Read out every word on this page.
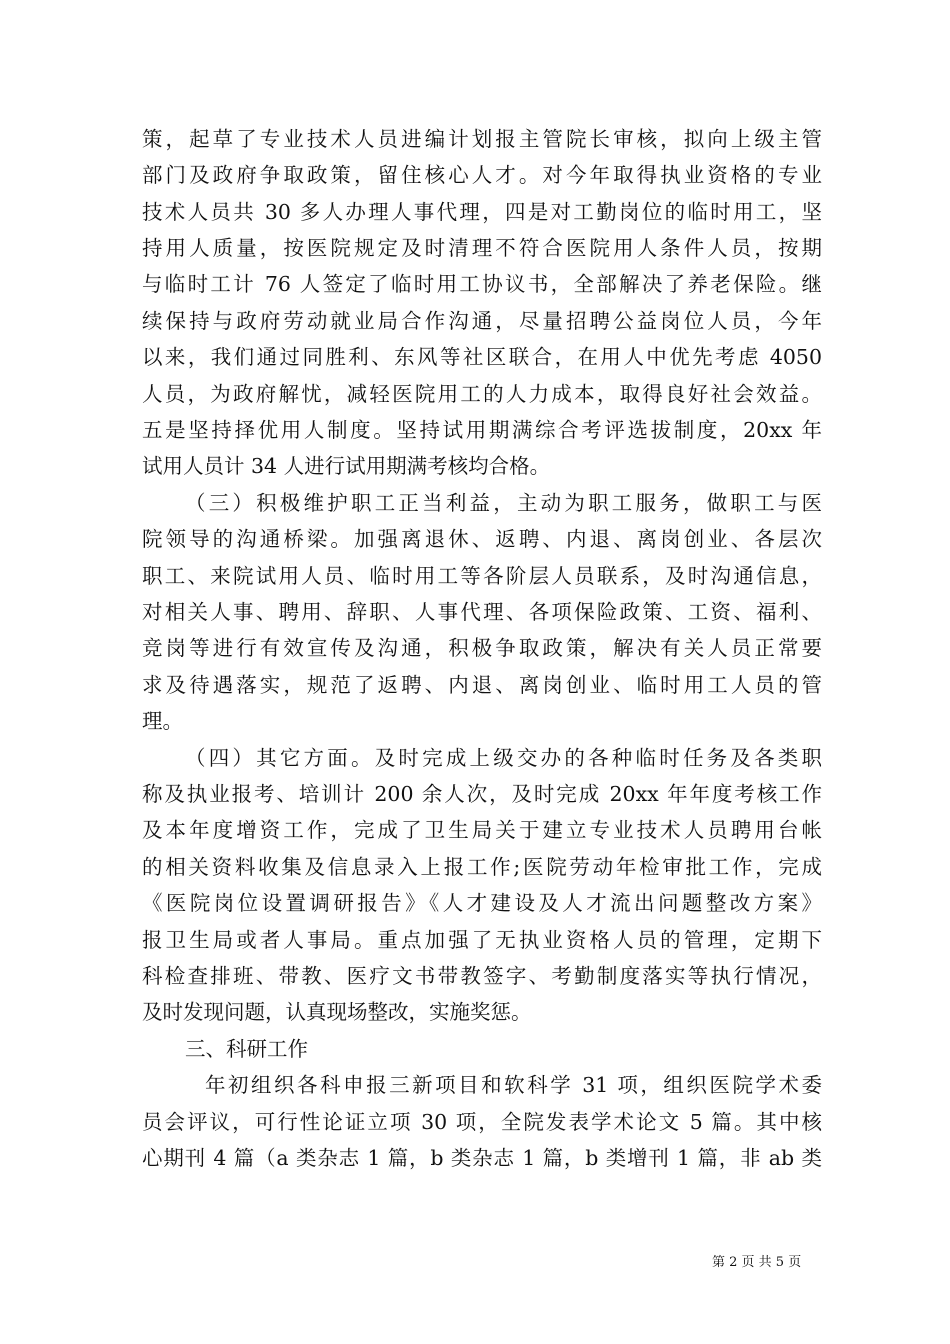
策，起草了专业技术人员进编计划报主管院长审核，拟向上级主管
部门及政府争取政策，留住核心人才。对今年取得执业资格的专业
技术人员共 30 多人办理人事代理，四是对工勤岗位的临时用工，坚
持用人质量，按医院规定及时清理不符合医院用人条件人员，按期
与临时工计 76 人签定了临时用工协议书，全部解决了养老保险。继
续保持与政府劳动就业局合作沟通，尽量招聘公益岗位人员，今年
以来，我们通过同胜利、东风等社区联合，在用人中优先考虑 4050
人员，为政府解忧，减轻医院用工的人力成本，取得良好社会效益。
五是坚持择优用人制度。坚持试用期满综合考评选拔制度，20xx 年
试用人员计 34 人进行试用期满考核均合格。
（三）积极维护职工正当利益，主动为职工服务，做职工与医
院领导的沟通桥梁。加强离退休、返聘、内退、离岗创业、各层次
职工、来院试用人员、临时用工等各阶层人员联系，及时沟通信息，
对相关人事、聘用、辞职、人事代理、各项保险政策、工资、福利、
竞岗等进行有效宣传及沟通，积极争取政策，解决有关人员正常要
求及待遇落实，规范了返聘、内退、离岗创业、临时用工人员的管
理。
（四）其它方面。及时完成上级交办的各种临时任务及各类职
称及执业报考、培训计 200 余人次，及时完成 20xx 年年度考核工作
及本年度增资工作，完成了卫生局关于建立专业技术人员聘用台帐
的相关资料收集及信息录入上报工作;医院劳动年检审批工作，完成
《医院岗位设置调研报告》《人才建设及人才流出问题整改方案》
报卫生局或者人事局。重点加强了无执业资格人员的管理，定期下
科检查排班、带教、医疗文书带教签字、考勤制度落实等执行情况，
及时发现问题，认真现场整改，实施奖惩。
三、科研工作
年初组织各科申报三新项目和软科学 31 项，组织医院学术委
员会评议，可行性论证立项 30 项，全院发表学术论文 5 篇。其中核
心期刊 4 篇（a 类杂志 1 篇，b 类杂志 1 篇，b 类增刊 1 篇，非 ab 类
第 2 页 共 5 页
